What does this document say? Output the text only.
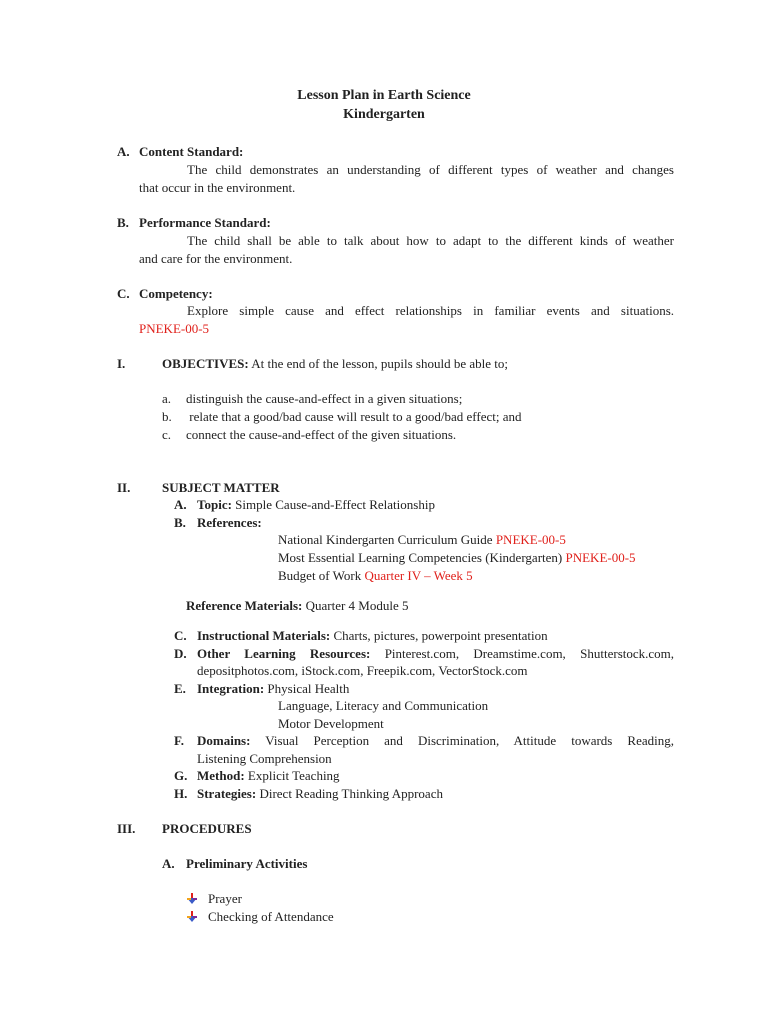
Lesson Plan in Earth Science
Kindergarten
A. Content Standard:
The child demonstrates an understanding of different types of weather and changes
that occur in the environment.
B. Performance Standard:
The child shall be able to talk about how to adapt to the different kinds of weather
and care for the environment.
C. Competency:
Explore simple cause and effect relationships in familiar events and situations.
PNEKE-00-5
I.	OBJECTIVES: At the end of the lesson, pupils should be able to;
a. distinguish the cause-and-effect in a given situations;
b. relate that a good/bad cause will result to a good/bad effect; and
c. connect the cause-and-effect of the given situations.
II. SUBJECT MATTER
A. Topic: Simple Cause-and-Effect Relationship
B. References:
National Kindergarten Curriculum Guide PNEKE-00-5
Most Essential Learning Competencies (Kindergarten) PNEKE-00-5
Budget of Work Quarter IV – Week 5
Reference Materials: Quarter 4 Module 5
C. Instructional Materials: Charts, pictures, powerpoint presentation
D. Other Learning Resources: Pinterest.com, Dreamstime.com, Shutterstock.com,
depositphotos.com, iStock.com, Freepik.com, VectorStock.com
E. Integration: Physical Health
Language, Literacy and Communication
Motor Development
F. Domains: Visual Perception and Discrimination, Attitude towards Reading,
Listening Comprehension
G. Method: Explicit Teaching
H. Strategies: Direct Reading Thinking Approach
III. PROCEDURES
A. Preliminary Activities
Prayer
Checking of Attendance
